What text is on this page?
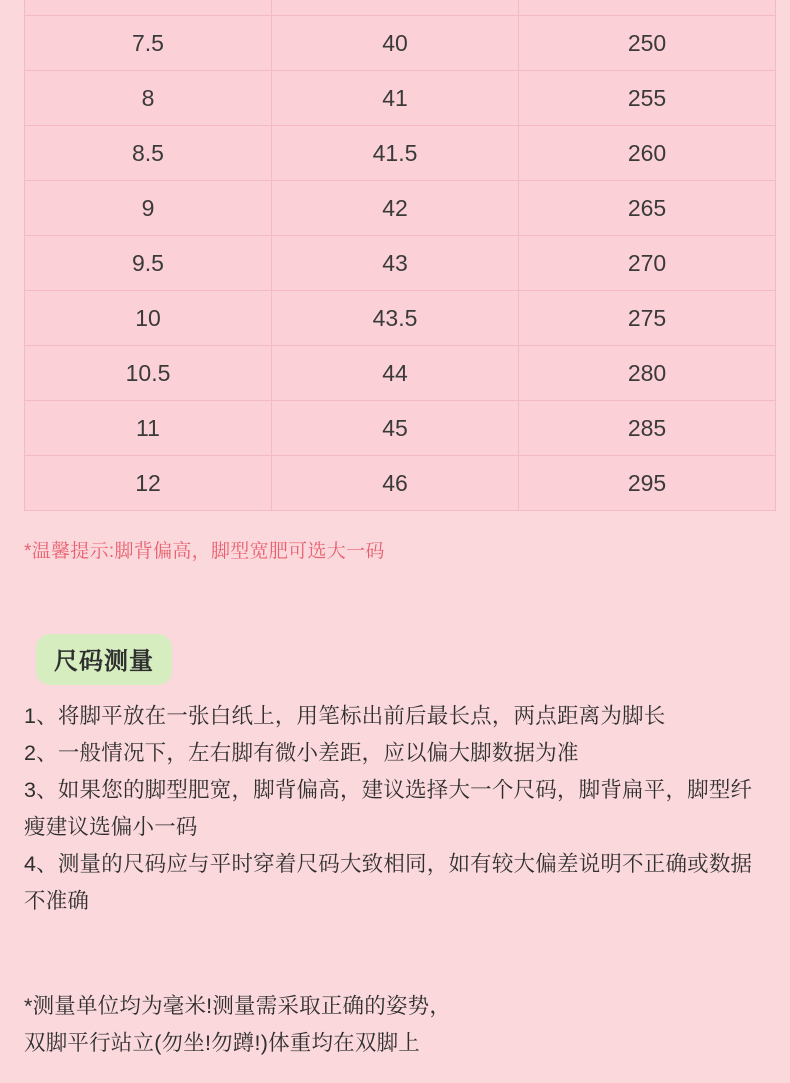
7.5	40	250
8	41	255
8.5	41.5	260
9	42	265
9.5	43	270
10	43.5	275
10.5	44	280
11	45	285
12	46	295
*温馨提示:脚背偏高，脚型宽肥可选大一码
尺码测量
1、将脚平放在一张白纸上，用笔标出前后最长点，两点距离为脚长
2、一般情况下，左右脚有微小差距，应以偏大脚数据为准
3、如果您的脚型肥宽，脚背偏高，建议选择大一个尺码，脚背扁平，脚型纤瘦建议选偏小一码
4、测量的尺码应与平时穿着尺码大致相同，如有较大偏差说明不正确或数据不准确
*测量单位均为毫米!测量需采取正确的姿势，
双脚平行站立(勿坐!勿蹲!)体重均在双脚上
